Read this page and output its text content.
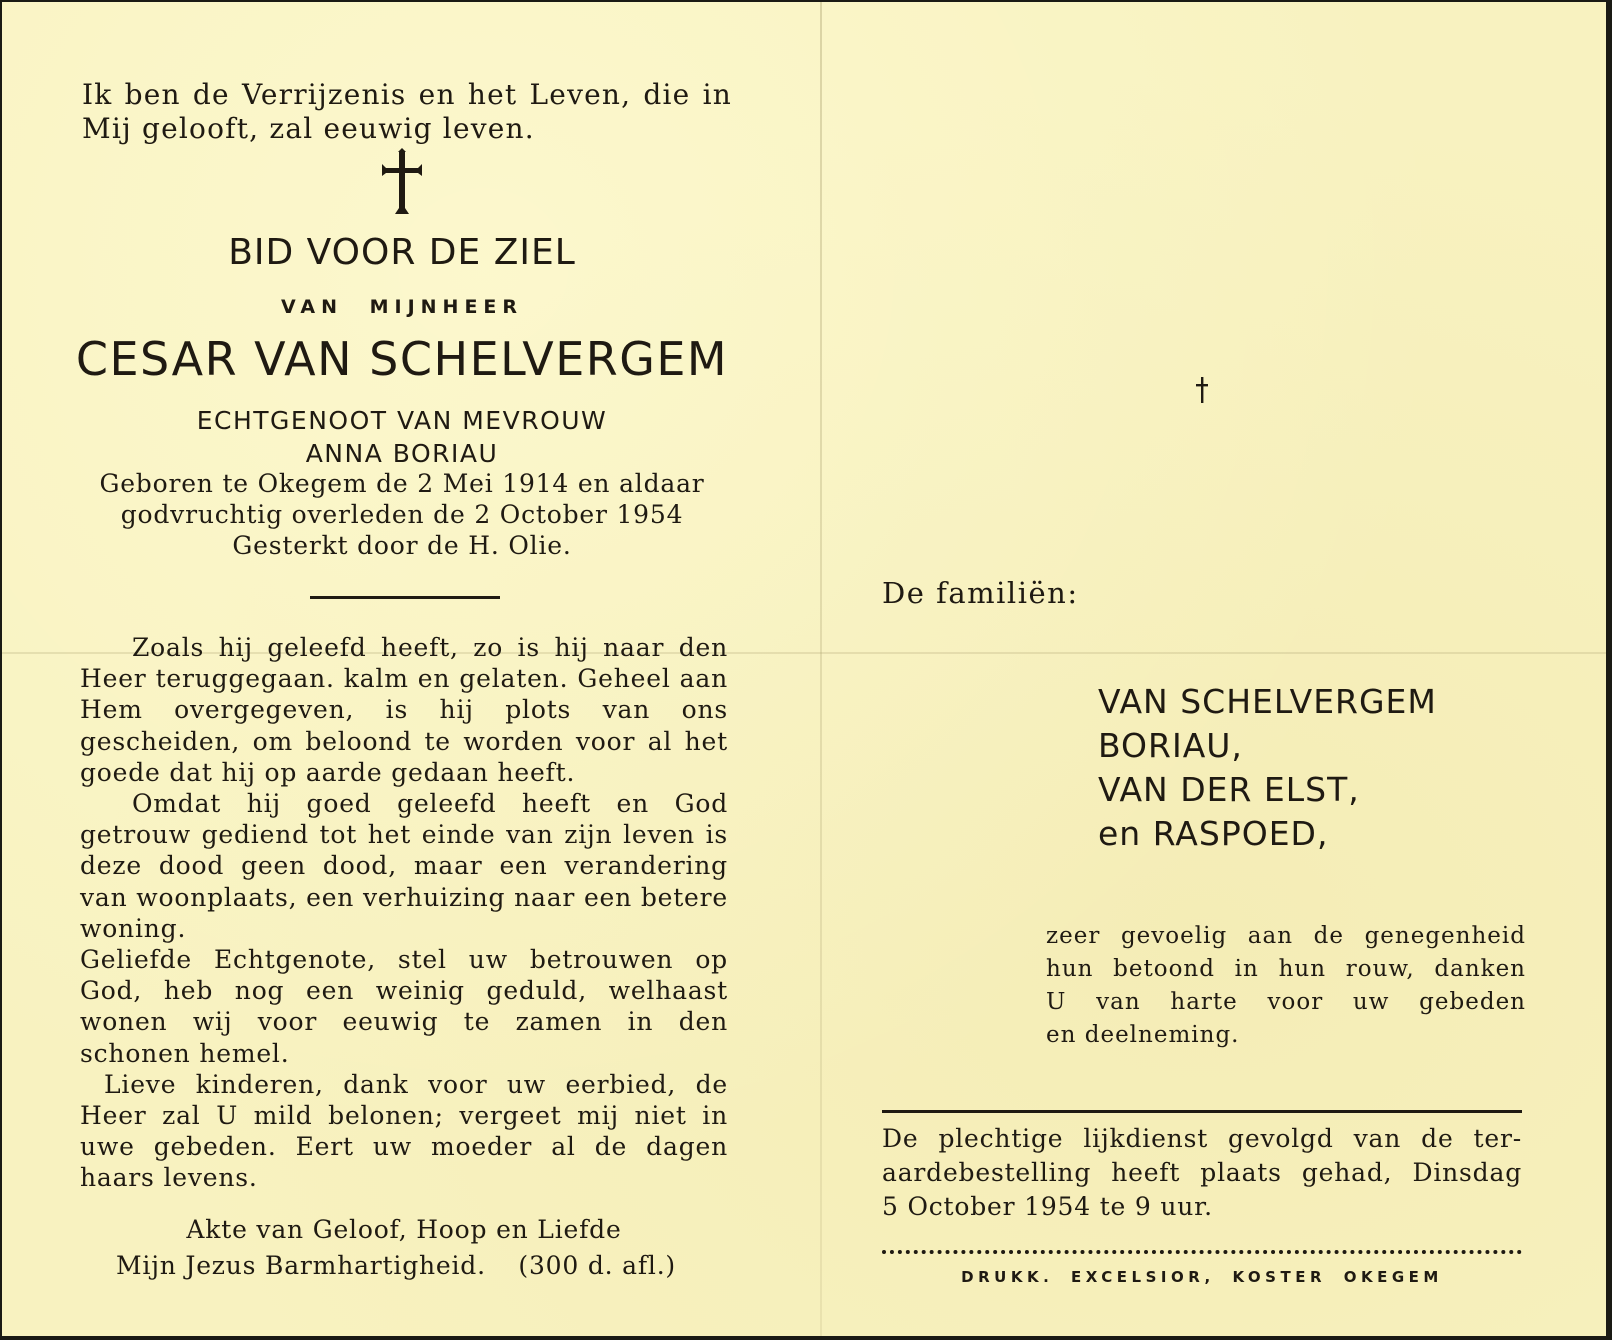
Ik ben de Verrijzenis en het Leven, die in
Mij gelooft, zal eeuwig leven.
BID VOOR DE ZIEL
VAN MIJNHEER
CESAR VAN SCHELVERGEM
ECHTGENOOT VAN MEVROUW
ANNA BORIAU
Geboren te Okegem de 2 Mei 1914 en aldaar
godvruchtig overleden de 2 October 1954
Gesterkt door de H. Olie.

Zoals hij geleefd heeft, zo is hij naar den Heer teruggegaan. kalm en gelaten. Geheel aan Hem overgegeven, is hij plots van ons gescheiden, om beloond te worden voor al het goede dat hij op aarde gedaan heeft.

Omdat hij goed geleefd heeft en God getrouw gediend tot het einde van zijn leven is deze dood geen dood, maar een verandering van woonplaats, een verhuizing naar een betere woning.

Geliefde Echtgenote, stel uw betrouwen op God, heb nog een weinig geduld, welhaast wonen wij voor eeuwig te zamen in den schonen hemel.

Lieve kinderen, dank voor uw eerbied, de Heer zal U mild belonen; vergeet mij niet in uwe gebeden. Eert uw moeder al de dagen haars levens.

Akte van Geloof, Hoop en Liefde
Mijn Jezus Barmhartigheid. (300 d. afl.)
De familiën:
VAN SCHELVERGEM
BORIAU,
VAN DER ELST,
en RASPOED,

zeer gevoelig aan de genegenheid

hun betoond in hun rouw, danken

U van harte voor uw gebeden

en deelneming.

De plechtige lijkdienst gevolgd van de ter-

aardebestelling heeft plaats gehad, Dinsdag

5 October 1954 te 9 uur.

DRUKK. EXCELSIOR, KOSTER OKEGEM
